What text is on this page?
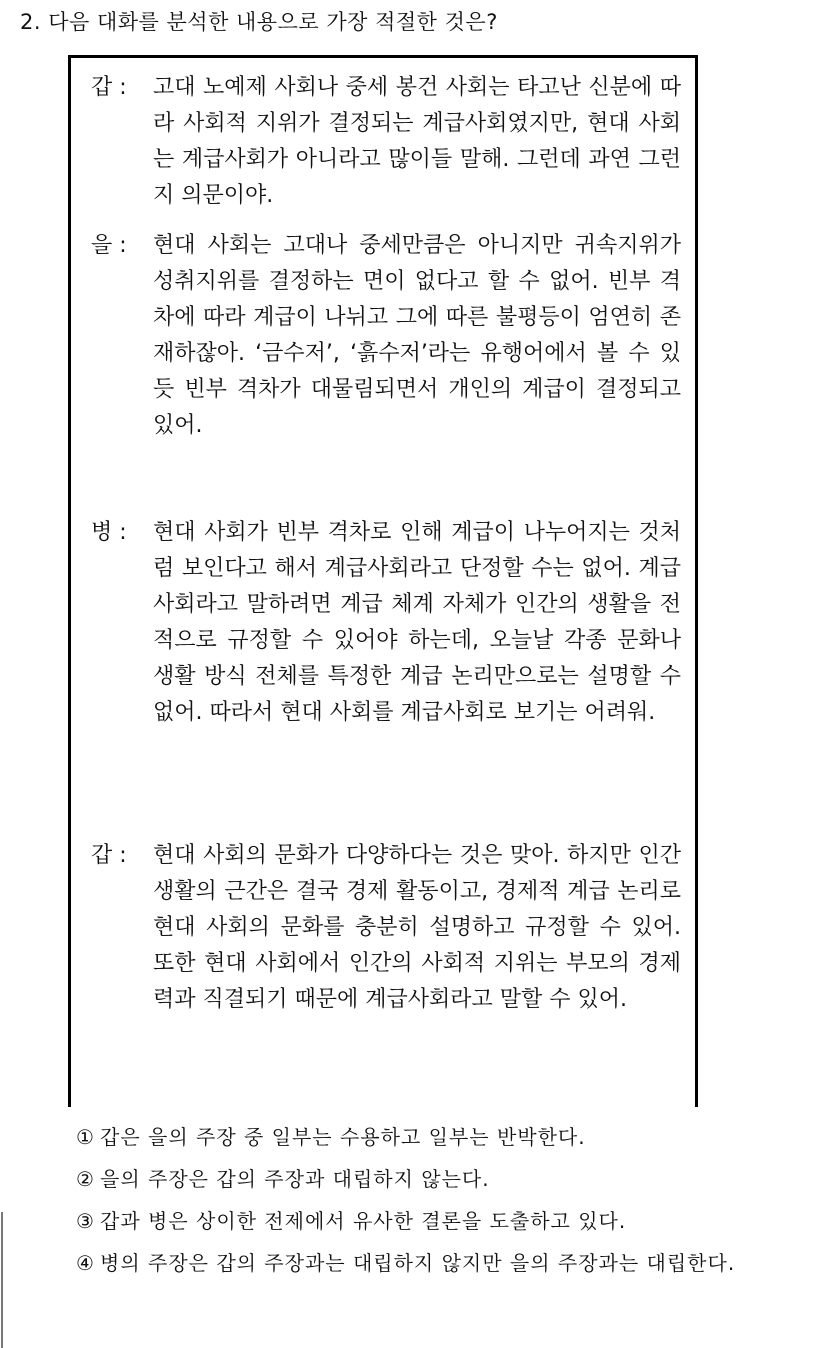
2. 다음 대화를 분석한 내용으로 가장 적절한 것은?
갑 :	고대 노예제 사회나 중세 봉건 사회는 타고난 신분에 따라 사회적 지위가 결정되는 계급사회였지만, 현대 사회는 계급사회가 아니라고 많이들 말해. 그런데 과연 그런지 의문이야.
을 :	현대 사회는 고대나 중세만큼은 아니지만 귀속지위가 성취지위를 결정하는 면이 없다고 할 수 없어. 빈부 격차에 따라 계급이 나뉘고 그에 따른 불평등이 엄연히 존재하잖아. ‘금수저’, ‘흙수저’라는 유행어에서 볼 수 있듯 빈부 격차가 대물림되면서 개인의 계급이 결정되고 있어.
병 :	현대 사회가 빈부 격차로 인해 계급이 나누어지는 것처럼 보인다고 해서 계급사회라고 단정할 수는 없어. 계급사회라고 말하려면 계급 체계 자체가 인간의 생활을 전적으로 규정할 수 있어야 하는데, 오늘날 각종 문화나 생활 방식 전체를 특정한 계급 논리만으로는 설명할 수 없어. 따라서 현대 사회를 계급사회로 보기는 어려워.
갑 :	현대 사회의 문화가 다양하다는 것은 맞아. 하지만 인간 생활의 근간은 결국 경제 활동이고, 경제적 계급 논리로 현대 사회의 문화를 충분히 설명하고 규정할 수 있어. 또한 현대 사회에서 인간의 사회적 지위는 부모의 경제력과 직결되기 때문에 계급사회라고 말할 수 있어.
① 갑은 을의 주장 중 일부는 수용하고 일부는 반박한다.
② 을의 주장은 갑의 주장과 대립하지 않는다.
③ 갑과 병은 상이한 전제에서 유사한 결론을 도출하고 있다.
④ 병의 주장은 갑의 주장과는 대립하지 않지만 을의 주장과는 대립한다.
